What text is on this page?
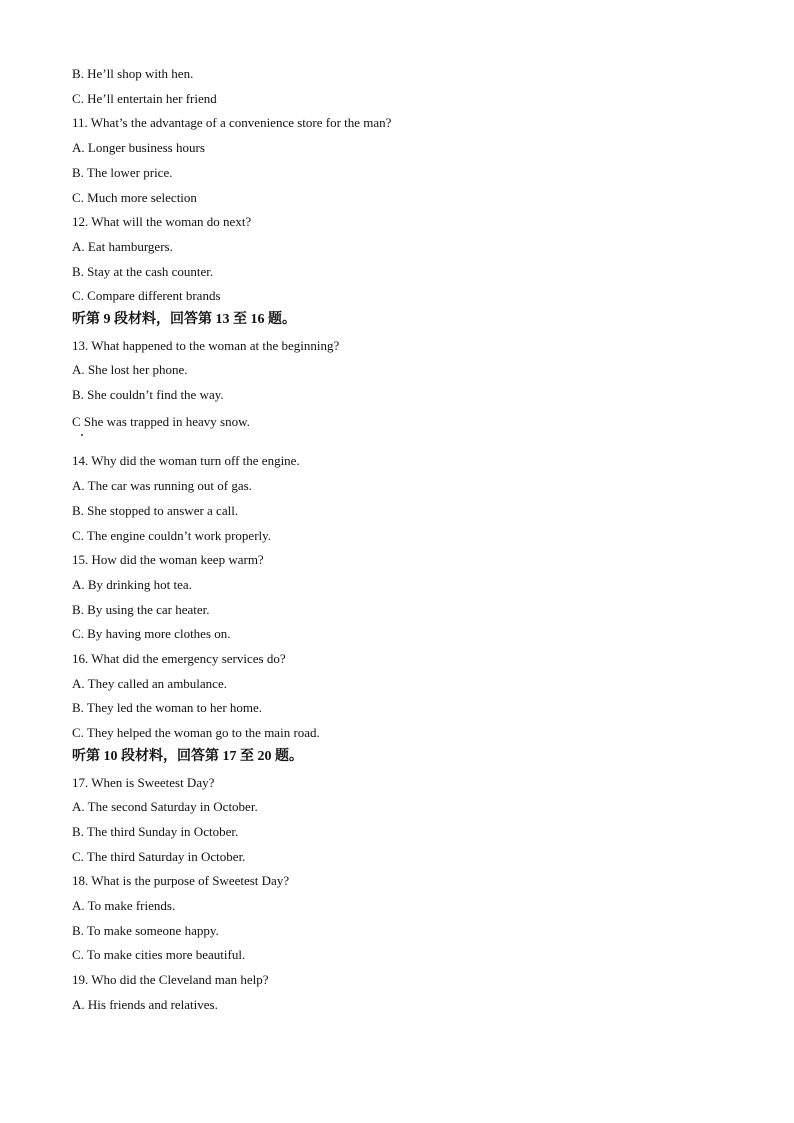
B. He’ll shop with hen.
C. He’ll entertain her friend
11. What’s the advantage of a convenience store for the man?
A. Longer business hours
B. The lower price.
C. Much more selection
12. What will the woman do next?
A. Eat hamburgers.
B. Stay at the cash counter.
C. Compare different brands
听第 9 段材料，回答第 13 至 16 题。
13. What happened to the woman at the beginning?
A. She lost her phone.
B. She couldn’t find the way.
C She was trapped in heavy snow.
14. Why did the woman turn off the engine.
A. The car was running out of gas.
B. She stopped to answer a call.
C. The engine couldn’t work properly.
15. How did the woman keep warm?
A. By drinking hot tea.
B. By using the car heater.
C. By having more clothes on.
16. What did the emergency services do?
A. They called an ambulance.
B. They led the woman to her home.
C. They helped the woman go to the main road.
听第 10 段材料，回答第 17 至 20 题。
17. When is Sweetest Day?
A. The second Saturday in October.
B. The third Sunday in October.
C. The third Saturday in October.
18. What is the purpose of Sweetest Day?
A. To make friends.
B. To make someone happy.
C. To make cities more beautiful.
19. Who did the Cleveland man help?
A. His friends and relatives.
